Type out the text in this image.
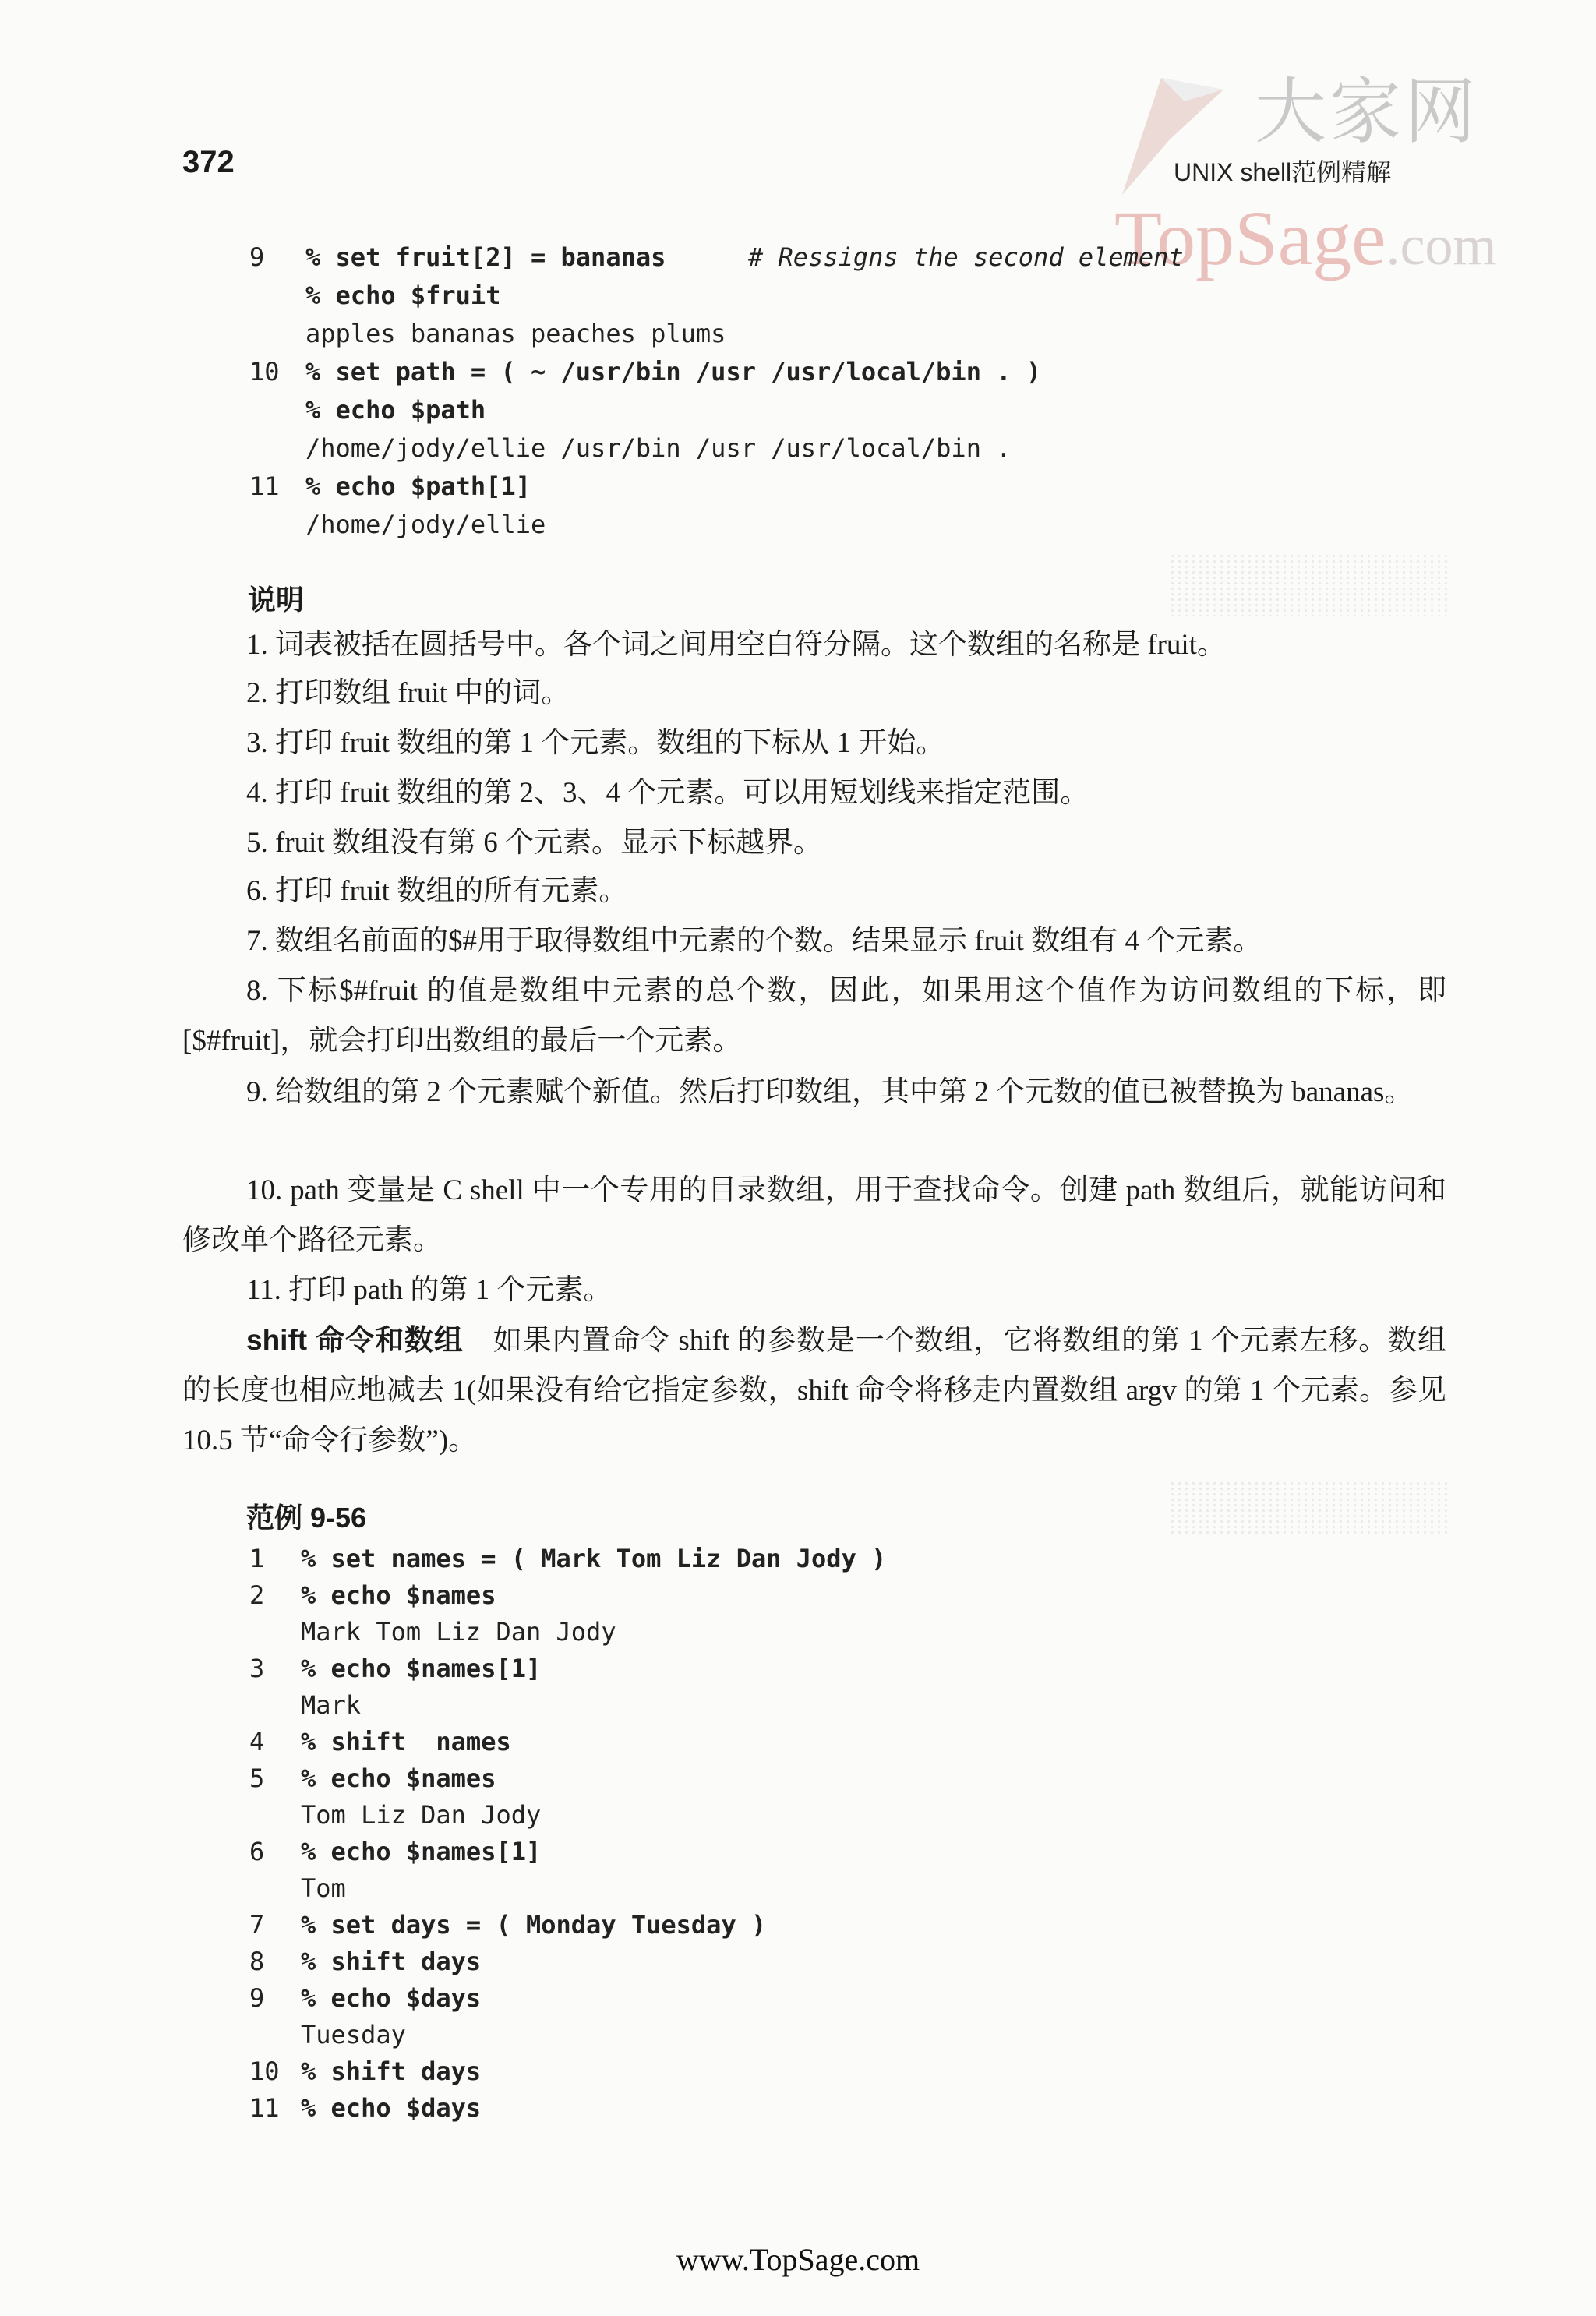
372	UNIX shell范例精解
大家网
TopSage.com
9	% set fruit[2] = bananas	# Ressigns the second element
% echo $fruit
apples bananas peaches plums
10	% set path = ( ~ /usr/bin /usr /usr/local/bin . )
% echo $path
/home/jody/ellie /usr/bin /usr /usr/local/bin .
11	% echo $path[1]
/home/jody/ellie
说明

1. 词表被括在圆括号中。各个词之间用空白符分隔。这个数组的名称是 fruit。

2. 打印数组 fruit 中的词。

3. 打印 fruit 数组的第 1 个元素。数组的下标从 1 开始。

4. 打印 fruit 数组的第 2、3、4 个元素。可以用短划线来指定范围。

5. fruit 数组没有第 6 个元素。显示下标越界。

6. 打印 fruit 数组的所有元素。

7. 数组名前面的$#用于取得数组中元素的个数。结果显示 fruit 数组有 4 个元素。

8. 下标$#fruit 的值是数组中元素的总个数，因此，如果用这个值作为访问数组的下标，即[$#fruit]，就会打印出数组的最后一个元素。

9. 给数组的第 2 个元素赋个新值。然后打印数组，其中第 2 个元数的值已被替换为 bananas。

10. path 变量是 C shell 中一个专用的目录数组，用于查找命令。创建 path 数组后，就能访问和修改单个路径元素。

11. 打印 path 的第 1 个元素。

shift 命令和数组　 如果内置命令 shift 的参数是一个数组，它将数组的第 1 个元素左移。数组的长度也相应地减去 1(如果没有给它指定参数，shift 命令将移走内置数组 argv 的第 1 个元素。参见 10.5 节“命令行参数”)。

范例 9-56
1	% set names = ( Mark Tom Liz Dan Jody )
2	% echo $names
Mark Tom Liz Dan Jody
3	% echo $names[1]
Mark
4	% shift  names
5	% echo $names
Tom Liz Dan Jody
6	% echo $names[1]
Tom
7	% set days = ( Monday Tuesday )
8	% shift days
9	% echo $days
Tuesday
10 % shift days
11 % echo $days
www.TopSage.com
